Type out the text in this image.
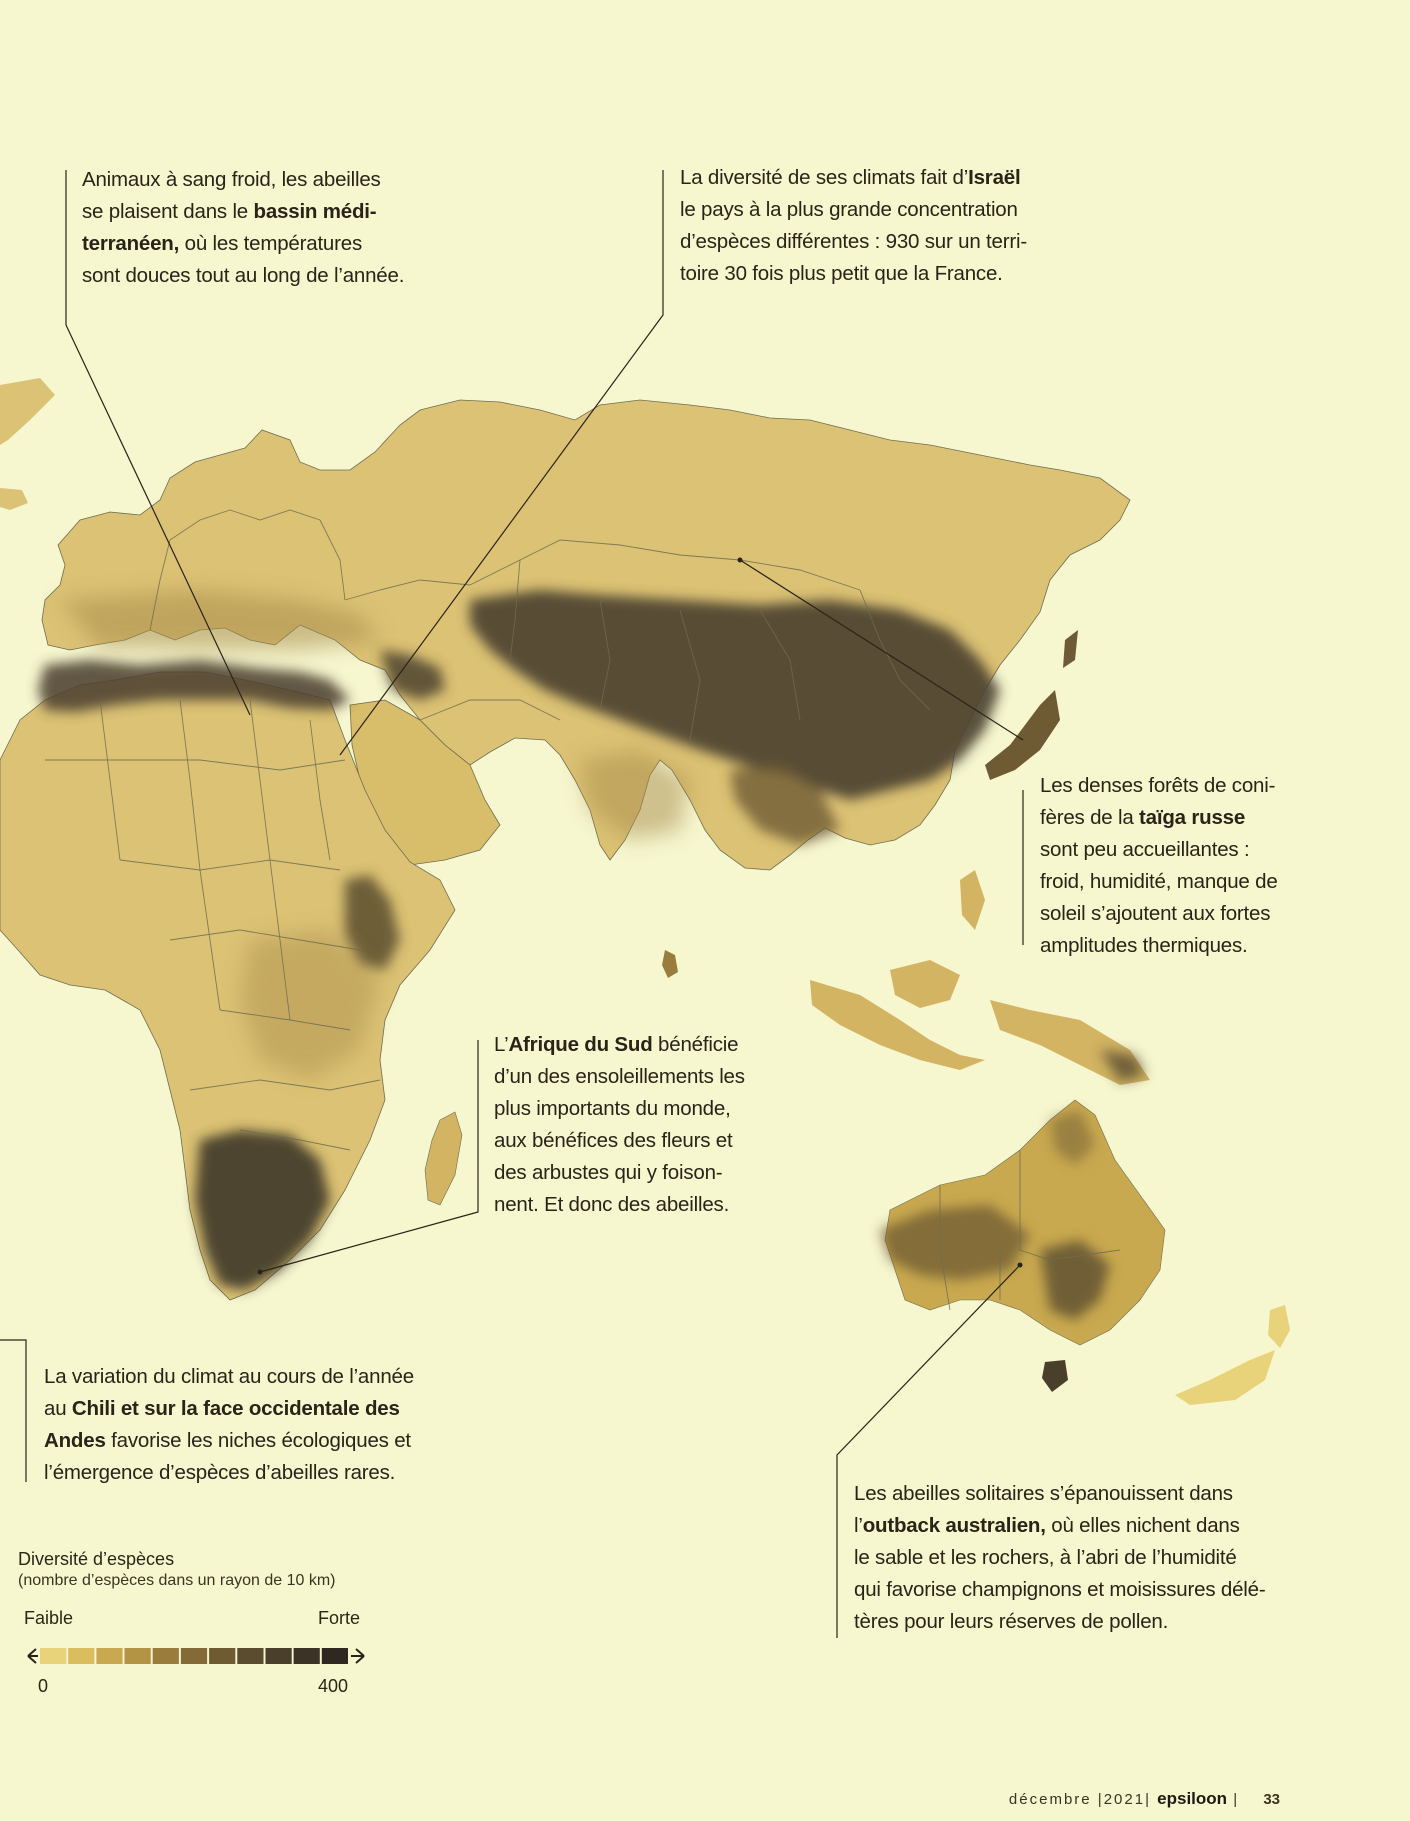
Animaux à sang froid, les abeilles
se plaisent dans le bassin médi-
terranéen, où les températures
sont douces tout au long de l’année.
La diversité de ses climats fait d’Israël
le pays à la plus grande concentration
d’espèces différentes : 930 sur un terri-
toire 30 fois plus petit que la France.
Les denses forêts de coni-
fères de la taïga russe
sont peu accueillantes :
froid, humidité, manque de
soleil s’ajoutent aux fortes
amplitudes thermiques.
L’Afrique du Sud bénéficie
d’un des ensoleillements les
plus importants du monde,
aux bénéfices des fleurs et
des arbustes qui y foison-
nent. Et donc des abeilles.
La variation du climat au cours de l’année
au Chili et sur la face occidentale des
Andes favorise les niches écologiques et
l’émergence d’espèces d’abeilles rares.
Les abeilles solitaires s’épanouissent dans
l’outback australien, où elles nichent dans
le sable et les rochers, à l’abri de l’humidité
qui favorise champignons et moisissures délé-
tères pour leurs réserves de pollen.
Diversité d’espèces
(nombre d’espèces dans un rayon de 10 km)
Faible	Forte
0	400
décembre |2021| epsiloon | 33
